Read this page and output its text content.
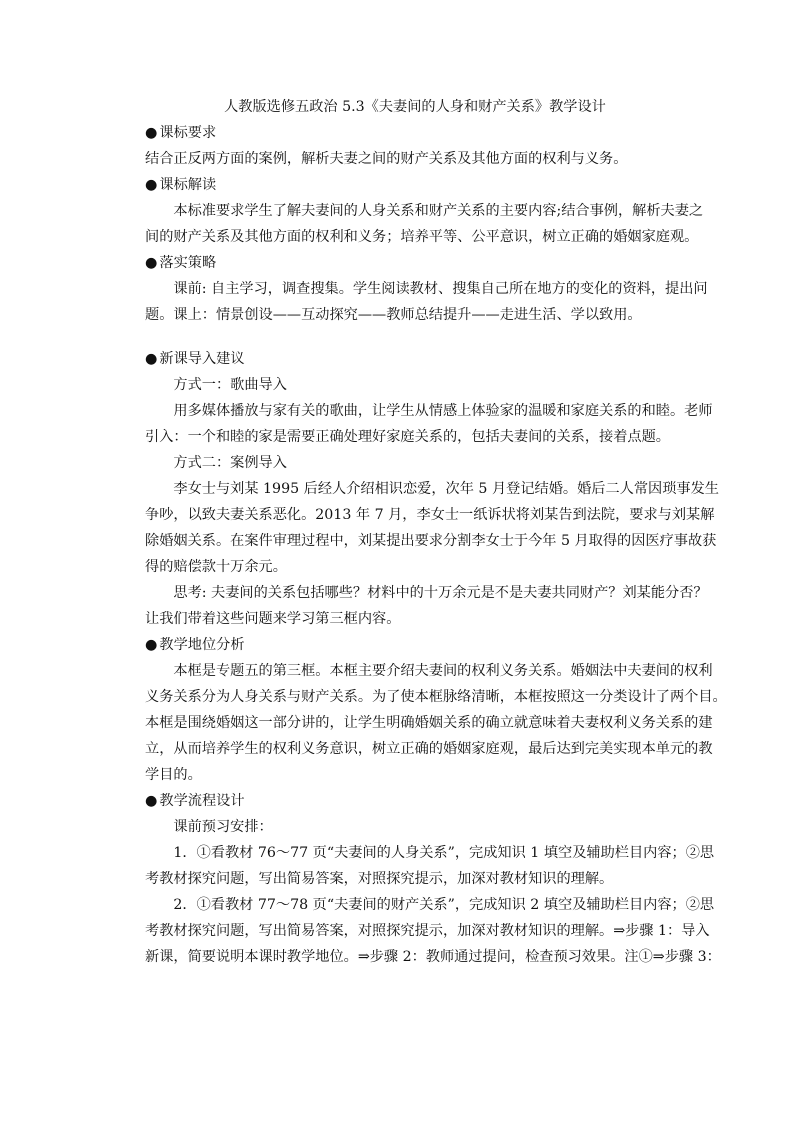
人教版选修五政治 5.3《夫妻间的人身和财产关系》教学设计
● 课标要求
结合正反两方面的案例，解析夫妻之间的财产关系及其他方面的权利与义务。
● 课标解读
本标准要求学生了解夫妻间的人身关系和财产关系的主要内容;结合事例，解析夫妻之
间的财产关系及其他方面的权利和义务；培养平等、公平意识，树立正确的婚姻家庭观。
● 落实策略
课前: 自主学习，调查搜集。学生阅读教材、搜集自己所在地方的变化的资料，提出问
题。课上：情景创设——互动探究——教师总结提升——走进生活、学以致用。
● 新课导入建议
方式一：歌曲导入
用多媒体播放与家有关的歌曲，让学生从情感上体验家的温暖和家庭关系的和睦。老师
引入：一个和睦的家是需要正确处理好家庭关系的，包括夫妻间的关系，接着点题。
方式二：案例导入
李女士与刘某 1995 后经人介绍相识恋爱，次年 5 月登记结婚。婚后二人常因琐事发生
争吵，以致夫妻关系恶化。2013 年 7 月，李女士一纸诉状将刘某告到法院，要求与刘某解
除婚姻关系。在案件审理过程中，刘某提出要求分割李女士于今年 5 月取得的因医疗事故获
得的赔偿款十万余元。
思考: 夫妻间的关系包括哪些？材料中的十万余元是不是夫妻共同财产？刘某能分否？
让我们带着这些问题来学习第三框内容。
● 教学地位分析
本框是专题五的第三框。本框主要介绍夫妻间的权利义务关系。婚姻法中夫妻间的权利
义务关系分为人身关系与财产关系。为了使本框脉络清晰，本框按照这一分类设计了两个目。
本框是围绕婚姻这一部分讲的，让学生明确婚姻关系的确立就意味着夫妻权利义务关系的建
立，从而培养学生的权利义务意识，树立正确的婚姻家庭观，最后达到完美实现本单元的教
学目的。
● 教学流程设计
课前预习安排：
1．①看教材 76～77 页“夫妻间的人身关系”，完成知识 1 填空及辅助栏目内容；②思
考教材探究问题，写出简易答案，对照探究提示，加深对教材知识的理解。
2．①看教材 77～78 页“夫妻间的财产关系”，完成知识 2 填空及辅助栏目内容；②思
考教材探究问题，写出简易答案，对照探究提示，加深对教材知识的理解。⇒步骤 1：导入
新课，简要说明本课时教学地位。⇒步骤 2：教师通过提问，检查预习效果。注①⇒步骤 3：
